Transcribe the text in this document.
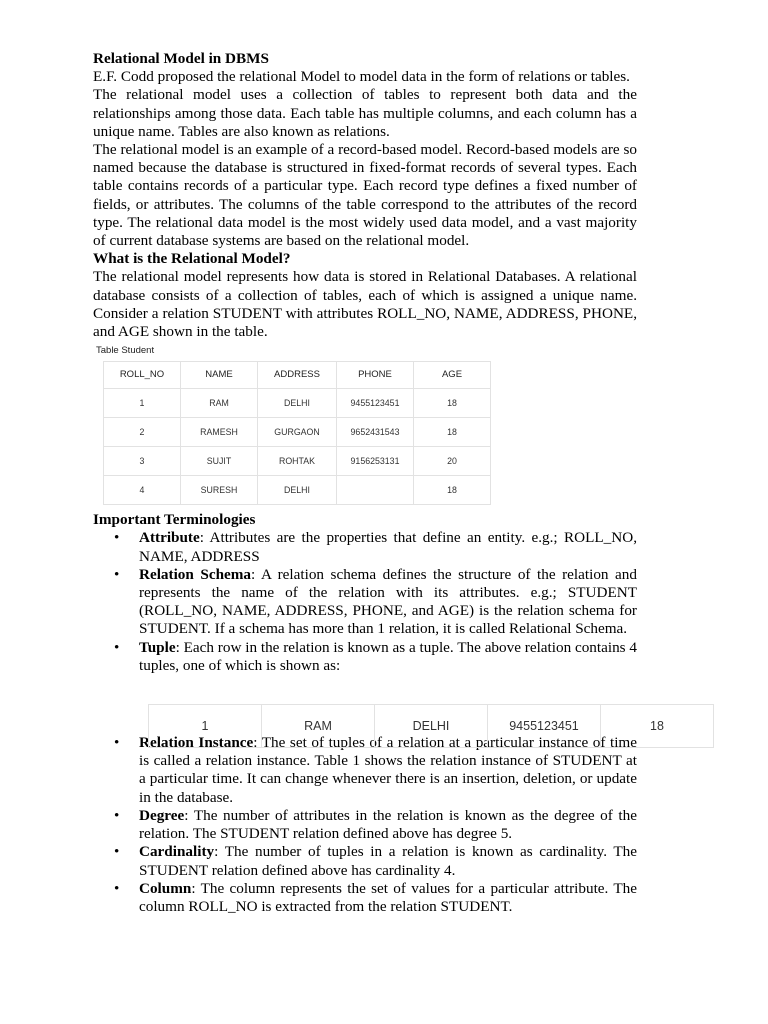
Relational Model in DBMS

E.F. Codd proposed the relational Model to model data in the form of relations or tables.

The relational model uses a collection of tables to represent both data and the relationships among those data. Each table has multiple columns, and each column has a unique name. Tables are also known as relations.

The relational model is an example of a record-based model. Record-based models are so named because the database is structured in fixed-format records of several types. Each table contains records of a particular type. Each record type defines a fixed number of fields, or attributes. The columns of the table correspond to the attributes of the record type. The relational data model is the most widely used data model, and a vast majority of current database systems are based on the relational model.

What is the Relational Model?

The relational model represents how data is stored in Relational Databases. A relational database consists of a collection of tables, each of which is assigned a unique name. Consider a relation STUDENT with attributes ROLL_NO, NAME, ADDRESS, PHONE, and AGE shown in the table.

Table Student
ROLL_NO	NAME	ADDRESS	PHONE	AGE
1	RAM	DELHI	9455123451	18
2	RAMESH	GURGAON	9652431543	18
3	SUJIT	ROHTAK	9156253131	20
4	SURESH	DELHI		18

Important Terminologies

• Attribute: Attributes are the properties that define an entity. e.g.; ROLL_NO, NAME, ADDRESS
• Relation Schema: A relation schema defines the structure of the relation and represents the name of the relation with its attributes. e.g.; STUDENT (ROLL_NO, NAME, ADDRESS, PHONE, and AGE) is the relation schema for STUDENT. If a schema has more than 1 relation, it is called Relational Schema.
• Tuple: Each row in the relation is known as a tuple. The above relation contains 4 tuples, one of which is shown as:
• Relation Instance: The set of tuples of a relation at a particular instance of time is called a relation instance. Table 1 shows the relation instance of STUDENT at a particular time. It can change whenever there is an insertion, deletion, or update in the database.
• Degree: The number of attributes in the relation is known as the degree of the relation. The STUDENT relation defined above has degree 5.
• Cardinality: The number of tuples in a relation is known as cardinality. The STUDENT relation defined above has cardinality 4.
• Column: The column represents the set of values for a particular attribute. The column ROLL_NO is extracted from the relation STUDENT.
1	RAM	DELHI	9455123451	18
